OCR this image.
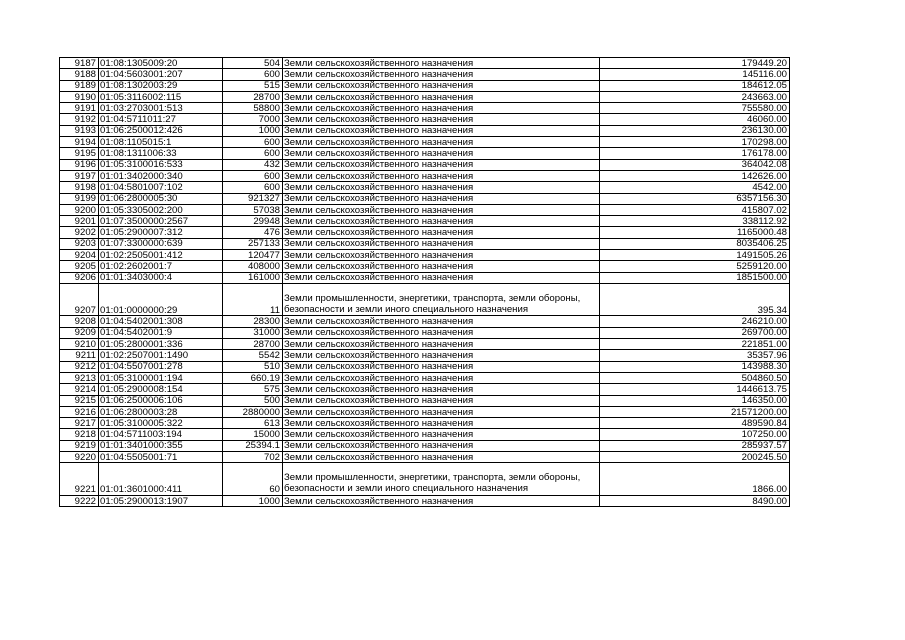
9187	01:08:1305009:20	504	Земли сельскохозяйственного назначения	179449.20
9188	01:04:5603001:207	600	Земли сельскохозяйственного назначения	145116.00
9189	01:08:1302003:29	515	Земли сельскохозяйственного назначения	184612.05
9190	01:05:3116002:115	28700	Земли сельскохозяйственного назначения	243663.00
9191	01:03:2703001:513	58800	Земли сельскохозяйственного назначения	755580.00
9192	01:04:5711011:27	7000	Земли сельскохозяйственного назначения	46060.00
9193	01:06:2500012:426	1000	Земли сельскохозяйственного назначения	236130.00
9194	01:08:1105015:1	600	Земли сельскохозяйственного назначения	170298.00
9195	01:08:1311006:33	600	Земли сельскохозяйственного назначения	176178.00
9196	01:05:3100016:533	432	Земли сельскохозяйственного назначения	364042.08
9197	01:01:3402000:340	600	Земли сельскохозяйственного назначения	142626.00
9198	01:04:5801007:102	600	Земли сельскохозяйственного назначения	4542.00
9199	01:06:2800005:30	921327	Земли сельскохозяйственного назначения	6357156.30
9200	01:05:3305002:200	57038	Земли сельскохозяйственного назначения	415807.02
9201	01:07:3500000:2567	29948	Земли сельскохозяйственного назначения	338112.92
9202	01:05:2900007:312	476	Земли сельскохозяйственного назначения	1165000.48
9203	01:07:3300000:639	257133	Земли сельскохозяйственного назначения	8035406.25
9204	01:02:2505001:412	120477	Земли сельскохозяйственного назначения	1491505.26
9205	01:02:2602001:7	408000	Земли сельскохозяйственного назначения	5259120.00
9206	01:01:3403000:4	161000	Земли сельскохозяйственного назначения	1851500.00
9207	01:01:0000000:29	11	Земли промышленности, энергетики, транспорта, земли обороны, безопасности и земли иного специального назначения	395.34
9208	01:04:5402001:308	28300	Земли сельскохозяйственного назначения	246210.00
9209	01:04:5402001:9	31000	Земли сельскохозяйственного назначения	269700.00
9210	01:05:2800001:336	28700	Земли сельскохозяйственного назначения	221851.00
9211	01:02:2507001:1490	5542	Земли сельскохозяйственного назначения	35357.96
9212	01:04:5507001:278	510	Земли сельскохозяйственного назначения	143988.30
9213	01:05:3100001:194	660.19	Земли сельскохозяйственного назначения	504860.50
9214	01:05:2900008:154	575	Земли сельскохозяйственного назначения	1446613.75
9215	01:06:2500006:106	500	Земли сельскохозяйственного назначения	146350.00
9216	01:06:2800003:28	2880000	Земли сельскохозяйственного назначения	21571200.00
9217	01:05:3100005:322	613	Земли сельскохозяйственного назначения	489590.84
9218	01:04:5711003:194	15000	Земли сельскохозяйственного назначения	107250.00
9219	01:01:3401000:355	25394.1	Земли сельскохозяйственного назначения	285937.57
9220	01:04:5505001:71	702	Земли сельскохозяйственного назначения	200245.50
9221	01:01:3601000:411	60	Земли промышленности, энергетики, транспорта, земли обороны, безопасности и земли иного специального назначения	1866.00
9222	01:05:2900013:1907	1000	Земли сельскохозяйственного назначения	8490.00
